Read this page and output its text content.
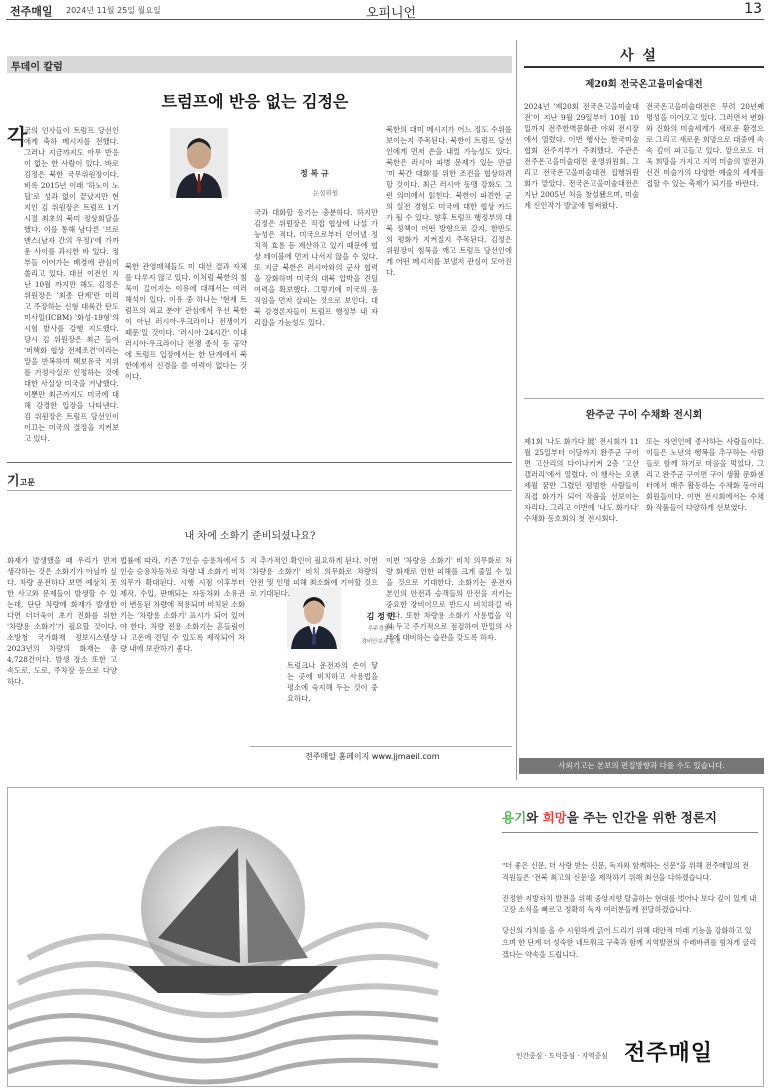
전주매일 2024년 11월 25일 월요일	오피니언	13
투데이 칼럼
트럼프에 반응 없는 김정은
정 복 규
논설위원
각
국의 인사들이 트럼프 당선인에게 축하 메시지를 전했다. 그러나 지금까지도 아무 반응이 없는 한 사람이 있다. 바로 김정은 북한 국무위원장이다. 비록 2015년 이래 '하노이 노딜'로 성과 없이 끝났지만 현지인 김 위원장은 트럼프 1기 시절 최초의 북미 정상회담을 했다. 이를 통해 남다른 '브로맨스(남자 간의 우정)'에 가까운 사이를 과시한 바 있다. 정부들 이어가는 배경에 관심이 쏠리고 있다. 대선 이전인 지난 10월 까지만 해도 김정은 위원장은 '최종 단계'란 미리고 주장하는 신형 대륙간 탄도미사일(ICBM) '화성-19형'의 시험 발사를 강행 지도했다. 당시 김 위원장은 최근 들어 '비핵화 협상 전제조건'이라는 말을 반복하며 핵보유국 지위를 기정사실로 인정하는 것에 대한 사실상 미국을 겨냥했다. 이뿐만 최근까지도 미국에 대해 강경한 입장을 나타낸다. 김 위원장은 트럼프 당선인이 이끄는 미국의 결정을 지켜보고 있다.
북한 관영매체들도 미 대선 결과 자체를 다루지 않고 있다. 이처럼 북한의 침묵이 길어지는 이유에 대해서는 여러 해석이 있다. 이유 중 하나는 '현재 트럼프의 외교 분야' 관심에서 우선 북한이 아닌 러시아-우크라이나 전쟁이기 때문'일 것이다. '러시아 24시간' 이내 러시아-우크라이나 전쟁 종식 등 공약에 트럼프 입장에서는 한 단계에서 북한에게서 신경을 쓸 여력이 없다는 것이다.
국과 대화할 동기는 충분하다. 하지만 김정은 위원장은 직접 협상에 나설 가능성은 적다. 미국으로부터 얻어낼 정치적 효용 등 계산하고 있기 때문에 협상 테이블에 먼저 나서지 않을 수 있다. 또 지금 북한은 러시아와의 군사 협력을 강화하며 미국의 대북 압박을 견딜 여력을 확보했다. 그렇기에 미국의 움직임을 먼저 살피는 것으로 보인다. 대북 강경론자들이 트럼프 행정부 내 자리잡을 가능성도 있다.
북한의 대미 메시지가 어느 정도 수위를 보이는지 주목된다. 북한이 트럼프 당선인에게 먼저 손을 내밀 가능성도 있다. 북한은 러시아 파병 문제가 있는 만큼 '미 북간 대화'를 위한 조건을 협상하려 할 것이다. 최근 러시아 동맹 강화도 그런 의미에서 읽힌다. 북한이 파견한 군의 실전 경험도 미국에 대한 협상 카드가 될 수 있다. 향후 트럼프 행정부의 대북 정책이 어떤 방향으로 갈지, 한반도의 평화가 지켜질지 주목된다. 김정은 위원장이 침묵을 깨고 트럼프 당선인에게 어떤 메시지를 보낼지 관심이 모아진다.
기고문
내 차에 소화기 준비되셨나요?
김 정 민
무주경찰서
경비안보과 순경
화재가 발생했을 때 우리가 먼저 생각하는 것은 소화기가 아닐까 싶다. 차량 운전하다 보면 예상치 못한 사고와 문제들이 발생할 수 있는데, 단단 차량에 화재가 발생한다면 더더욱이 초기 진화를 위한 '차량용 소화기'가 필요할 것이다. 소방청 국가화재 정보시스템상 2023년의 차량의 화재는 총 4,728건이다. 발생 장소 또한 고속도로, 도로, 주차장 등으로 다양하다.
법률에 따라, 기존 7인승 승용차에서 5인승 승용차동차로 차량 내 소화기 비치 의무가 확대된다. 시행 시점 이후부터 제작, 수입, 판매되는 자동차와 소유권이 변동된 차량에 적용되며 비치된 소화기는 '차량용 소화기' 표시가 되어 있어야 한다. 차량 전용 소화기는 흔들림이나 고온에 견딜 수 있도록 제작되어 차량 내에 보관하기 좋다.
지 추가적인 확인이 필요하게 된다. 이번 '차량용 소화기' 비치 의무화로 차량의 안전 및 인명 피해 최소화에 기여할 것으로 기대된다.
트렁크나 운전자의 손이 닿는 곳에 비치하고 사용법을 평소에 숙지해 두는 것이 중요하다.
이번 '차량용 소화기' 비치 의무화로 차량 화재로 인한 피해를 크게 줄일 수 있을 것으로 기대한다. 소화기는 운전자 본인의 안전과 승객들의 안전을 지키는 중요한 장비이므로 반드시 비치하길 바란다. 또한 차량용 소화기 사용법을 익혀 두고 주기적으로 점검하여 만일의 사태에 대비하는 습관을 갖도록 하자.
전주매일 홈페이지 www.jjmaeil.com
사 설
제20회 전국온고을미술대전
2024년 '제20회 전국온고을미술대전'이 지난 9월 29일부터 10월 10일까지 전주한벽문화관 야외 전시장에서 열렸다. 이번 행사는 한국미술협회 전주지부가 주최했다. 주관은 전주온고을미술대전 운영위원회. 그리고 전국온고을미술대전 집행위원회가 맡았다. 전국온고을미술대전은 지난 2005년 처음 창설됐으며, 미술계 신인작가 발굴에 힘써왔다.
전국온고을미술대전은 무려 20년째 명성을 이어오고 있다. 그러면서 변화와 진화의 미술세계가 새로운 환경으로 그리고 새로운 희망으로 대중에 속속 깊이 파고들고 있다. 앞으로도 더욱 희망을 가지고 지역 미술의 발전과 신진 미술가의 다양한 예술의 세계를 접할 수 있는 축제가 되기를 바란다.
완주군 구이 수채화 전시회
제1회 '나도 화가다 展' 전시회가 11월 25일부터 이달까지 완주군 구이면 고산리의 다이나키켜 2층 '고산 갤러리'에서 열렸다. 이 행사는 오랜 세월 꿈만 그렸던 평범한 사람들이 직접 화가가 되어 작품을 선보이는 자리다. 그리고 이번에 '나도 화가다' 수채화 동호회의 첫 전시회다.
또는 자연인에 종사하는 사람들이다. 이들은 노년의 행복을 추구하는 사람들로 함께 하기로 마음을 먹었다. 그리고 완주군 구이면 구이 생활 문화센터에서 매주 활동하는 수채화 동아리 회원들이다. 이번 전시회에서는 수채화 작품들이 다양하게 선보였다.
사외기고는 본보의 편집방향과 다를 수도 있습니다.
용기와 희망을 주는 인간을 위한 정론지
"더 좋은 신문, 더 사랑 받는 신문, 독자와 함께하는 신문"을 위해 전주매일의 전 직원들은 '전북 최고의 신문'을 제작하기 위해 최선을 다하겠습니다.
진정한 지방자치 발전을 위해 중앙지향 탈출하는 현대를 벗어나 보다 깊이 있게 내 고장 소식을 빠르고 정확히 독자 여러분들께 전달하겠습니다.
당신의 가치를 올 수 시원하게 긁어 드리기 위해 대안적 미래 기능을 강화하고 있으며 한 단계 더 성숙한 네트워크 구축과 함께 지역발전의 수레바퀴를 힘차게 굴리겠다는 약속을 드립니다.
인간중심 · 도덕중심 · 지역중심 전주매일
